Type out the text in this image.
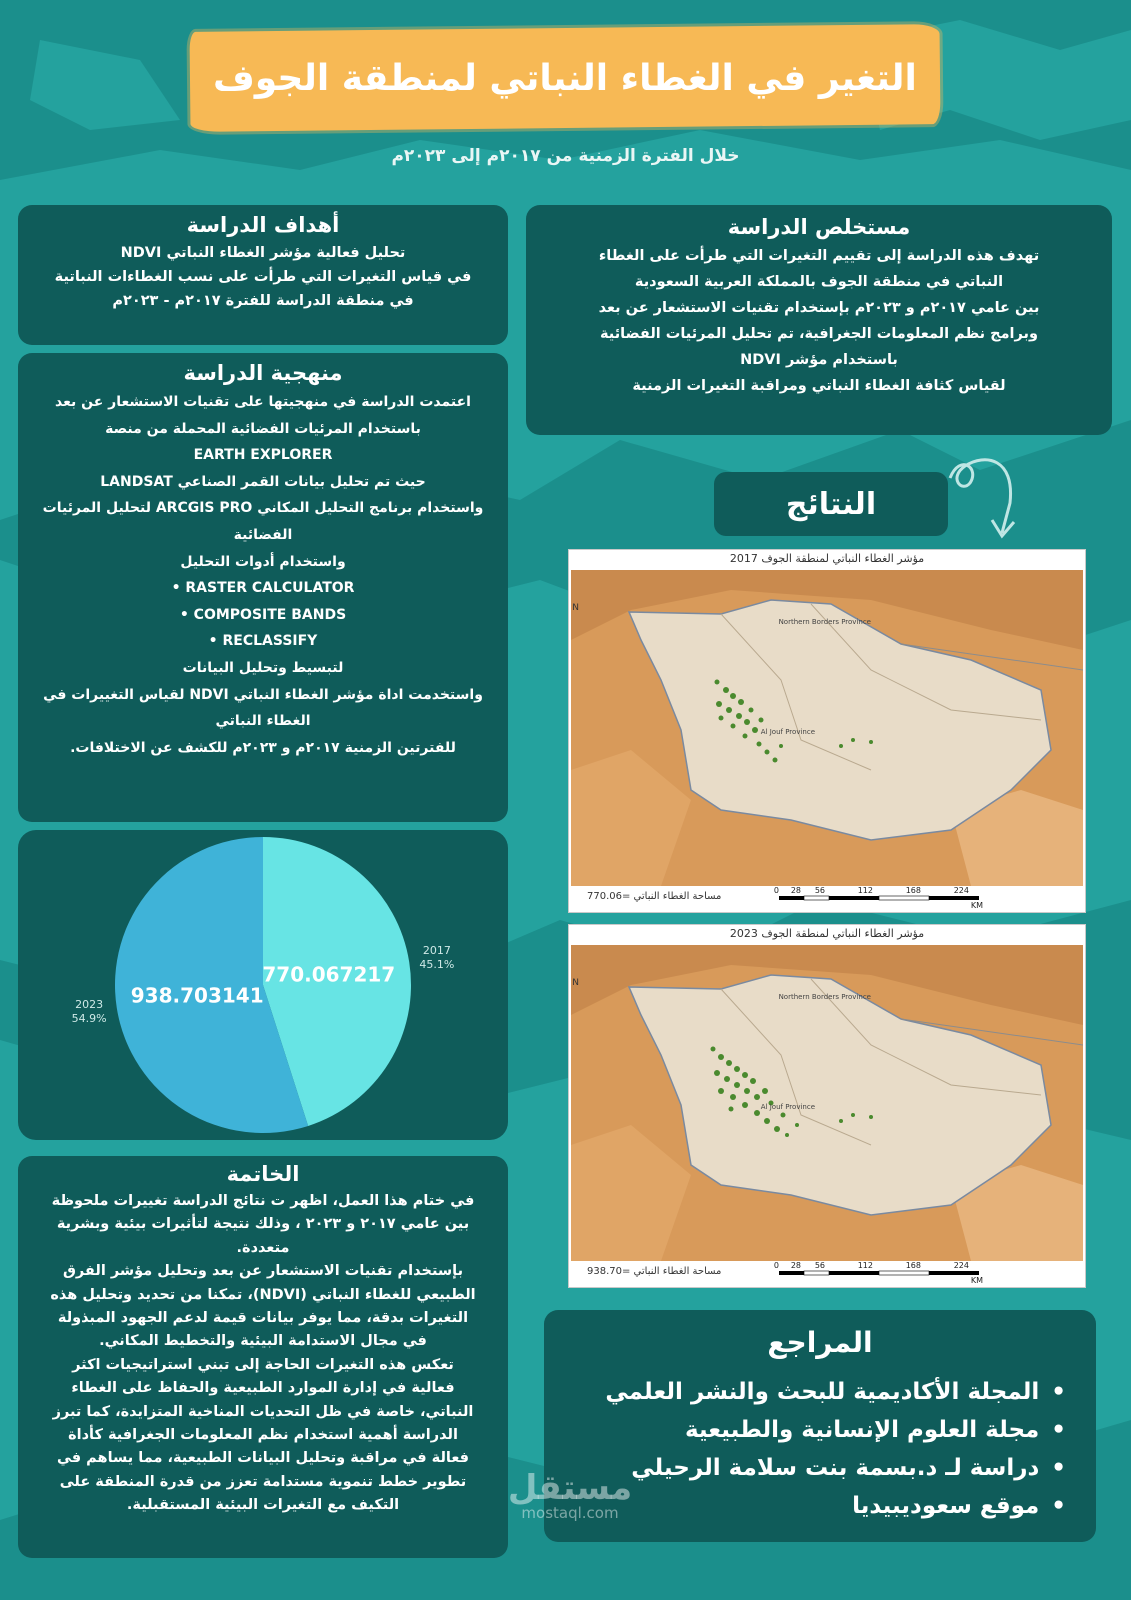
التغير في الغطاء النباتي لمنطقة الجوف
خلال الفترة الزمنية من ٢٠١٧م إلى ٢٠٢٣م
أهداف الدراسة

تحليل فعالية مؤشر الغطاء النباتي NDVI

في قياس التغيرات التي طرأت على نسب الغطاءات النباتية

في منطقة الدراسة للفترة ٢٠١٧م - ٢٠٢٣م

مستخلص الدراسة

تهدف هذه الدراسة إلى تقييم التغيرات التي طرأت على الغطاء

النباتي في منطقة الجوف بالمملكة العربية السعودية

بين عامي ٢٠١٧م و ٢٠٢٣م بإستخدام تقنيات الاستشعار عن بعد

وبرامج نظم المعلومات الجغرافية، تم تحليل المرئيات الفضائية

باستخدام مؤشر NDVI

لقياس كثافة الغطاء النباتي ومراقبة التغيرات الزمنية

منهجية الدراسة

اعتمدت الدراسة في منهجيتها على تقنيات الاستشعار عن بعد

باستخدام المرئيات الفضائية المحملة من منصة

EARTH EXPLORER

حيث تم تحليل بيانات القمر الصناعي LANDSAT

واستخدام برنامج التحليل المكاني ARCGIS PRO لتحليل المرئيات

الفضائية

واستخدام أدوات التحليل

RASTER CALCULATOR •

COMPOSITE BANDS •

RECLASSIFY •

لتبسيط وتحليل البيانات

واستخدمت اداة مؤشر الغطاء النباتي NDVI لقياس التغييرات في

الغطاء النباتي

للفترتين الزمنية ٢٠١٧م و ٢٠٢٣م للكشف عن الاختلافات.

770.067217
2017
45.1%
938.703141
2023
54.9%
النتائج
مؤشر الغطاء النباتي لمنطقة الجوف 2017
N
Northern Borders Province
Al Jouf Province
مساحة الغطاء النباتي =770.06
0 28 56	112	168	224
KM
مؤشر الغطاء النباتي لمنطقة الجوف 2023
N
Northern Borders Province
Al Jouf Province
مساحة الغطاء النباتي =938.70
0 28 56	112	168	224
KM
الخاتمة

في ختام هذا العمل، اظهر ت نتائج الدراسة تغييرات ملحوظة

بين عامي ٢٠١٧ و ٢٠٢٣ ، وذلك نتيجة لتأثيرات بيئية وبشرية

متعددة.

بإستخدام تقنيات الاستشعار عن بعد وتحليل مؤشر الفرق

الطبيعي للغطاء النباتي (NDVI)، تمكنا من تحديد وتحليل هذه

التغيرات بدقة، مما يوفر بيانات قيمة لدعم الجهود المبذولة

في مجال الاستدامة البيئية والتخطيط المكاني.

تعكس هذه التغيرات الحاجة إلى تبني استراتيجيات اكثر

فعالية في إدارة الموارد الطبيعية والحفاظ على الغطاء

النباتي، خاصة في ظل التحديات المناخية المتزايدة، كما تبرز

الدراسة أهمية استخدام نظم المعلومات الجغرافية كأداة

فعالة في مراقبة وتحليل البيانات الطبيعية، مما يساهم في

تطوير خطط تنموية مستدامة تعزز من قدرة المنطقة على

التكيف مع التغيرات البيئية المستقبلية.

المراجع
• المجلة الأكاديمية للبحث والنشر العلمي
• مجلة العلوم الإنسانية والطبيعية
• دراسة لـ د.بسمة بنت سلامة الرحيلي
• موقع سعوديبيديا
مستقل
mostaql.com
